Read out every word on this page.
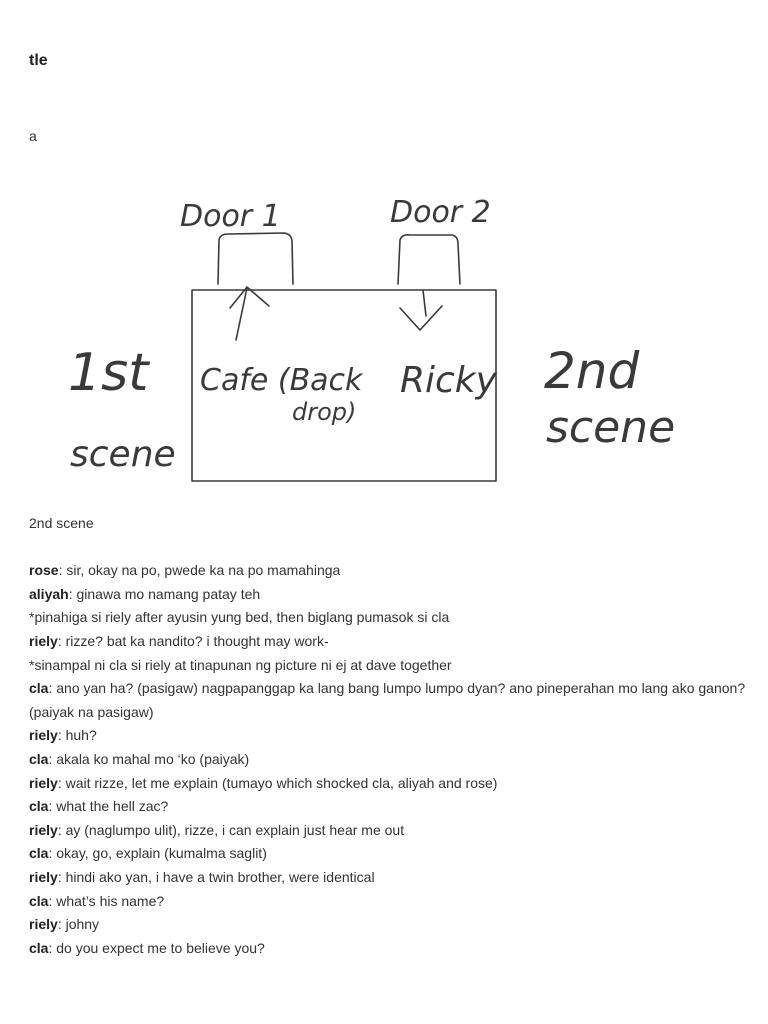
tle
a
Door 1	Door 2
1st
scene
2nd
scene
Cafe (Back
drop)
Ricky
2nd scene
rose: sir, okay na po, pwede ka na po mamahinga
aliyah: ginawa mo namang patay teh
*pinahiga si riely after ayusin yung bed, then biglang pumasok si cla
riely: rizze? bat ka nandito? i thought may work-
*sinampal ni cla si riely at tinapunan ng picture ni ej at dave together
cla: ano yan ha? (pasigaw) nagpapanggap ka lang bang lumpo lumpo dyan? ano pineperahan mo lang ako ganon? (paiyak na pasigaw)
riely: huh?
cla: akala ko mahal mo ‘ko (paiyak)
riely: wait rizze, let me explain (tumayo which shocked cla, aliyah and rose)
cla: what the hell zac?
riely: ay (naglumpo ulit), rizze, i can explain just hear me out
cla: okay, go, explain (kumalma saglit)
riely: hindi ako yan, i have a twin brother, were identical
cla: what’s his name?
riely: johny
cla: do you expect me to believe you?
